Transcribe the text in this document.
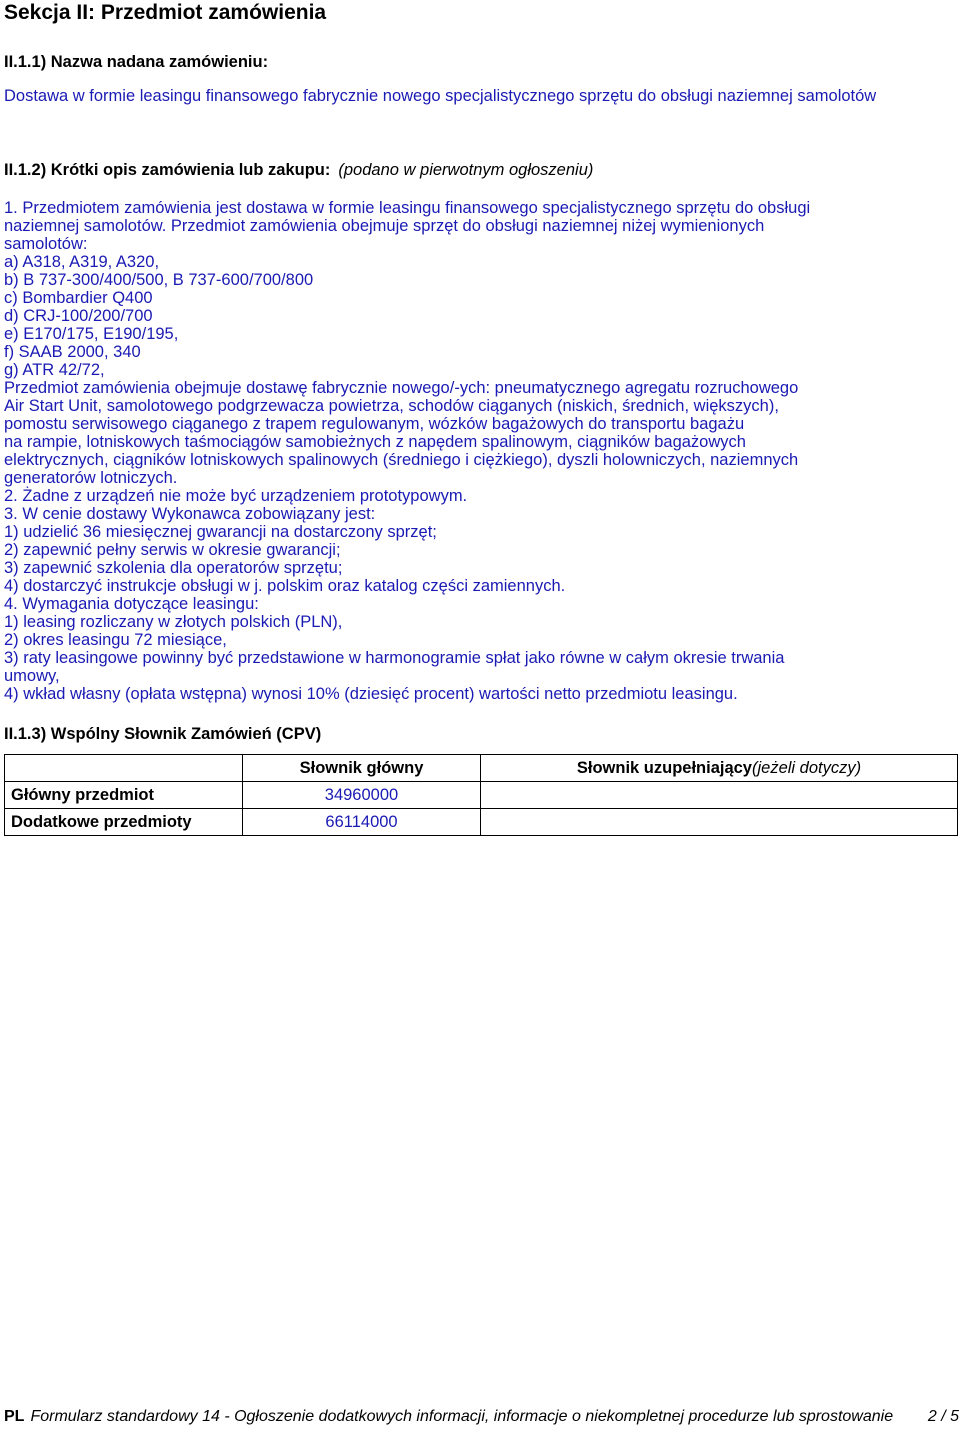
Sekcja II: Przedmiot zamówienia

II.1.1) Nazwa nadana zamówieniu:

Dostawa w formie leasingu finansowego fabrycznie nowego specjalistycznego sprzętu do obsługi naziemnej samolotów

II.1.2) Krótki opis zamówienia lub zakupu: (podano w pierwotnym ogłoszeniu)

1. Przedmiotem zamówienia jest dostawa w formie leasingu finansowego specjalistycznego sprzętu do obsługi
naziemnej samolotów. Przedmiot zamówienia obejmuje sprzęt do obsługi naziemnej niżej wymienionych
samolotów:
a) A318, A319, A320,
b) B 737-300/400/500, B 737-600/700/800
c) Bombardier Q400
d) CRJ-100/200/700
e) E170/175, E190/195,
f) SAAB 2000, 340
g) ATR 42/72,
Przedmiot zamówienia obejmuje dostawę fabrycznie nowego/-ych: pneumatycznego agregatu rozruchowego
Air Start Unit, samolotowego podgrzewacza powietrza, schodów ciąganych (niskich, średnich, większych),
pomostu serwisowego ciąganego z trapem regulowanym, wózków bagażowych do transportu bagażu
na rampie, lotniskowych taśmociągów samobieżnych z napędem spalinowym, ciągników bagażowych
elektrycznych, ciągników lotniskowych spalinowych (średniego i ciężkiego), dyszli holowniczych, naziemnych
generatorów lotniczych.
2. Żadne z urządzeń nie może być urządzeniem prototypowym.
3. W cenie dostawy Wykonawca zobowiązany jest:
1) udzielić 36 miesięcznej gwarancji na dostarczony sprzęt;
2) zapewnić pełny serwis w okresie gwarancji;
3) zapewnić szkolenia dla operatorów sprzętu;
4) dostarczyć instrukcje obsługi w j. polskim oraz katalog części zamiennych.
4. Wymagania dotyczące leasingu:
1) leasing rozliczany w złotych polskich (PLN),
2) okres leasingu 72 miesiące,
3) raty leasingowe powinny być przedstawione w harmonogramie spłat jako równe w całym okresie trwania
umowy,
4) wkład własny (opłata wstępna) wynosi 10% (dziesięć procent) wartości netto przedmiotu leasingu.

II.1.3) Wspólny Słownik Zamówień (CPV)

	Słownik główny	Słownik uzupełniający(jeżeli dotyczy)
Główny przedmiot	34960000	
Dodatkowe przedmioty	66114000	
PL Formularz standardowy 14 - Ogłoszenie dodatkowych informacji, informacje o niekompletnej procedurze lub sprostowanie 2 / 5
